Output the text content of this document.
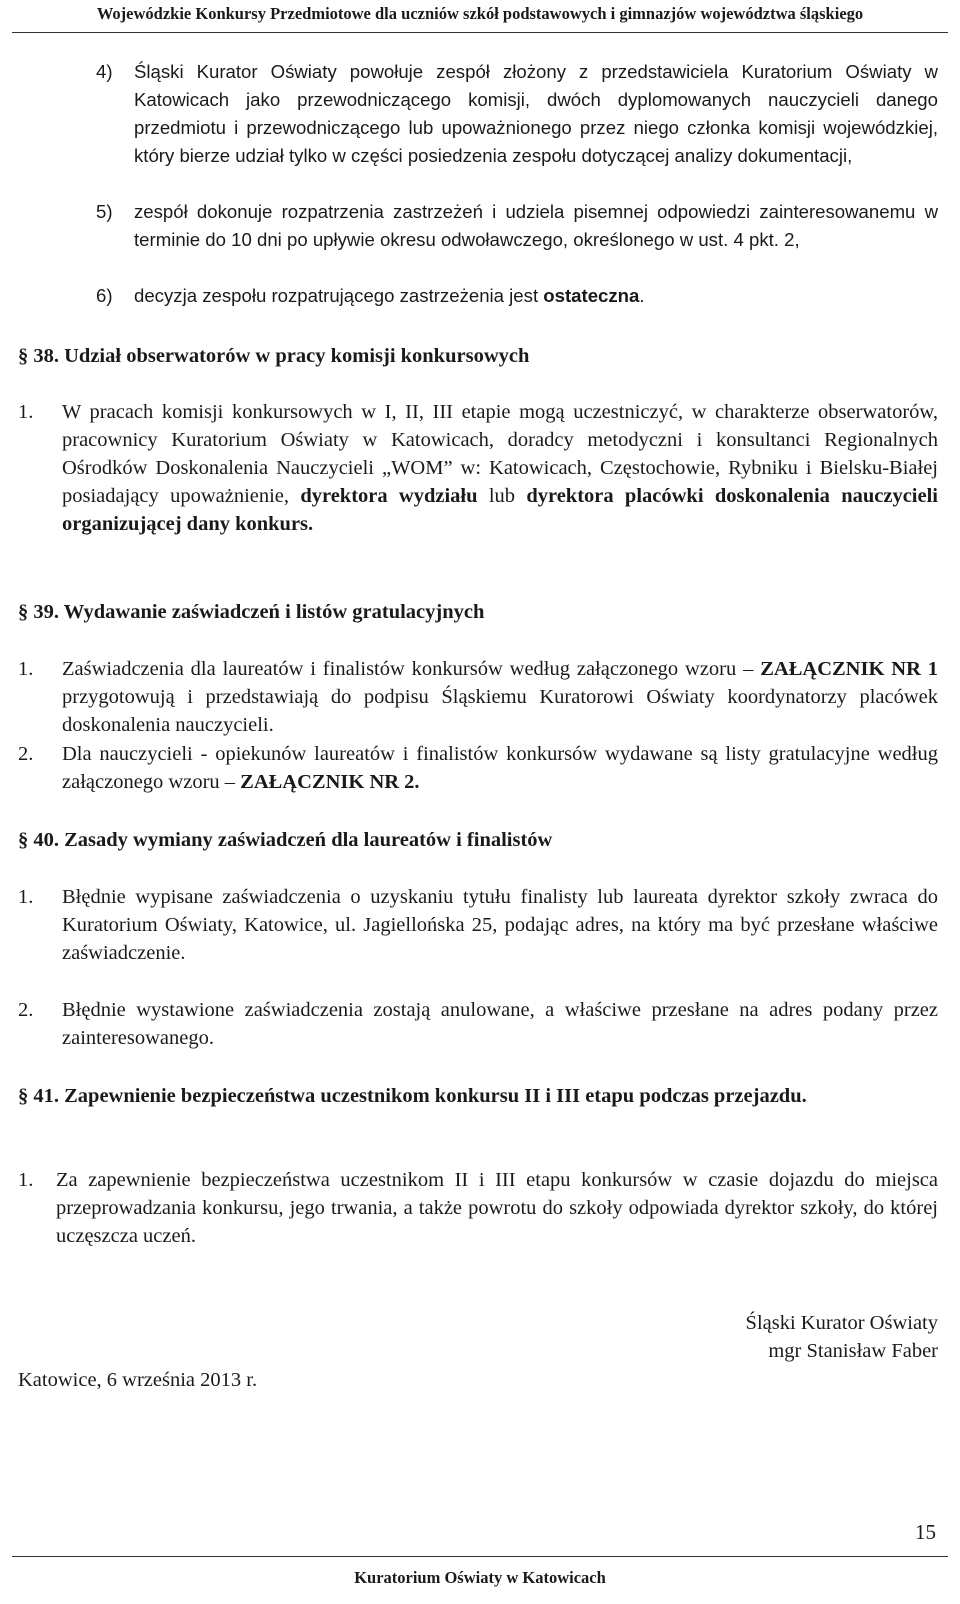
Wojewódzkie Konkursy Przedmiotowe dla uczniów szkół podstawowych i gimnazjów województwa śląskiego
4) Śląski Kurator Oświaty powołuje zespół złożony z przedstawiciela Kuratorium Oświaty w Katowicach jako przewodniczącego komisji, dwóch dyplomowanych nauczycieli danego przedmiotu i przewodniczącego lub upoważnionego przez niego członka komisji wojewódzkiej, który bierze udział tylko w części posiedzenia zespołu dotyczącej analizy dokumentacji,
5) zespół dokonuje rozpatrzenia zastrzeżeń i udziela pisemnej odpowiedzi zainteresowanemu w terminie do 10 dni po upływie okresu odwoławczego, określonego w ust. 4 pkt. 2,
6) decyzja zespołu rozpatrującego zastrzeżenia jest ostateczna.
§ 38. Udział obserwatorów w pracy komisji konkursowych
1. W pracach komisji konkursowych w I, II, III etapie mogą uczestniczyć, w charakterze obserwatorów, pracownicy Kuratorium Oświaty w Katowicach, doradcy metodyczni i konsultanci Regionalnych Ośrodków Doskonalenia Nauczycieli „WOM” w: Katowicach, Częstochowie, Rybniku i Bielsku-Białej posiadający upoważnienie, dyrektora wydziału lub dyrektora placówki doskonalenia nauczycieli organizującej dany konkurs.
§ 39. Wydawanie zaświadczeń i listów gratulacyjnych
1. Zaświadczenia dla laureatów i finalistów konkursów według załączonego wzoru – ZAŁĄCZNIK NR 1 przygotowują i przedstawiają do podpisu Śląskiemu Kuratorowi Oświaty koordynatorzy placówek doskonalenia nauczycieli.
2. Dla nauczycieli - opiekunów laureatów i finalistów konkursów wydawane są listy gratulacyjne według załączonego wzoru – ZAŁĄCZNIK NR 2.
§ 40. Zasady wymiany zaświadczeń dla laureatów i finalistów
1. Błędnie wypisane zaświadczenia o uzyskaniu tytułu finalisty lub laureata dyrektor szkoły zwraca do Kuratorium Oświaty, Katowice, ul. Jagiellońska 25, podając adres, na który ma być przesłane właściwe zaświadczenie.
2. Błędnie wystawione zaświadczenia zostają anulowane, a właściwe przesłane na adres podany przez zainteresowanego.
§ 41. Zapewnienie bezpieczeństwa uczestnikom konkursu II i III etapu podczas przejazdu.
1. Za zapewnienie bezpieczeństwa uczestnikom II i III etapu konkursów w czasie dojazdu do miejsca przeprowadzania konkursu, jego trwania, a także powrotu do szkoły odpowiada dyrektor szkoły, do której uczęszcza uczeń.
Śląski Kurator Oświaty
mgr Stanisław Faber
Katowice, 6 września 2013 r.
15
Kuratorium Oświaty w Katowicach
